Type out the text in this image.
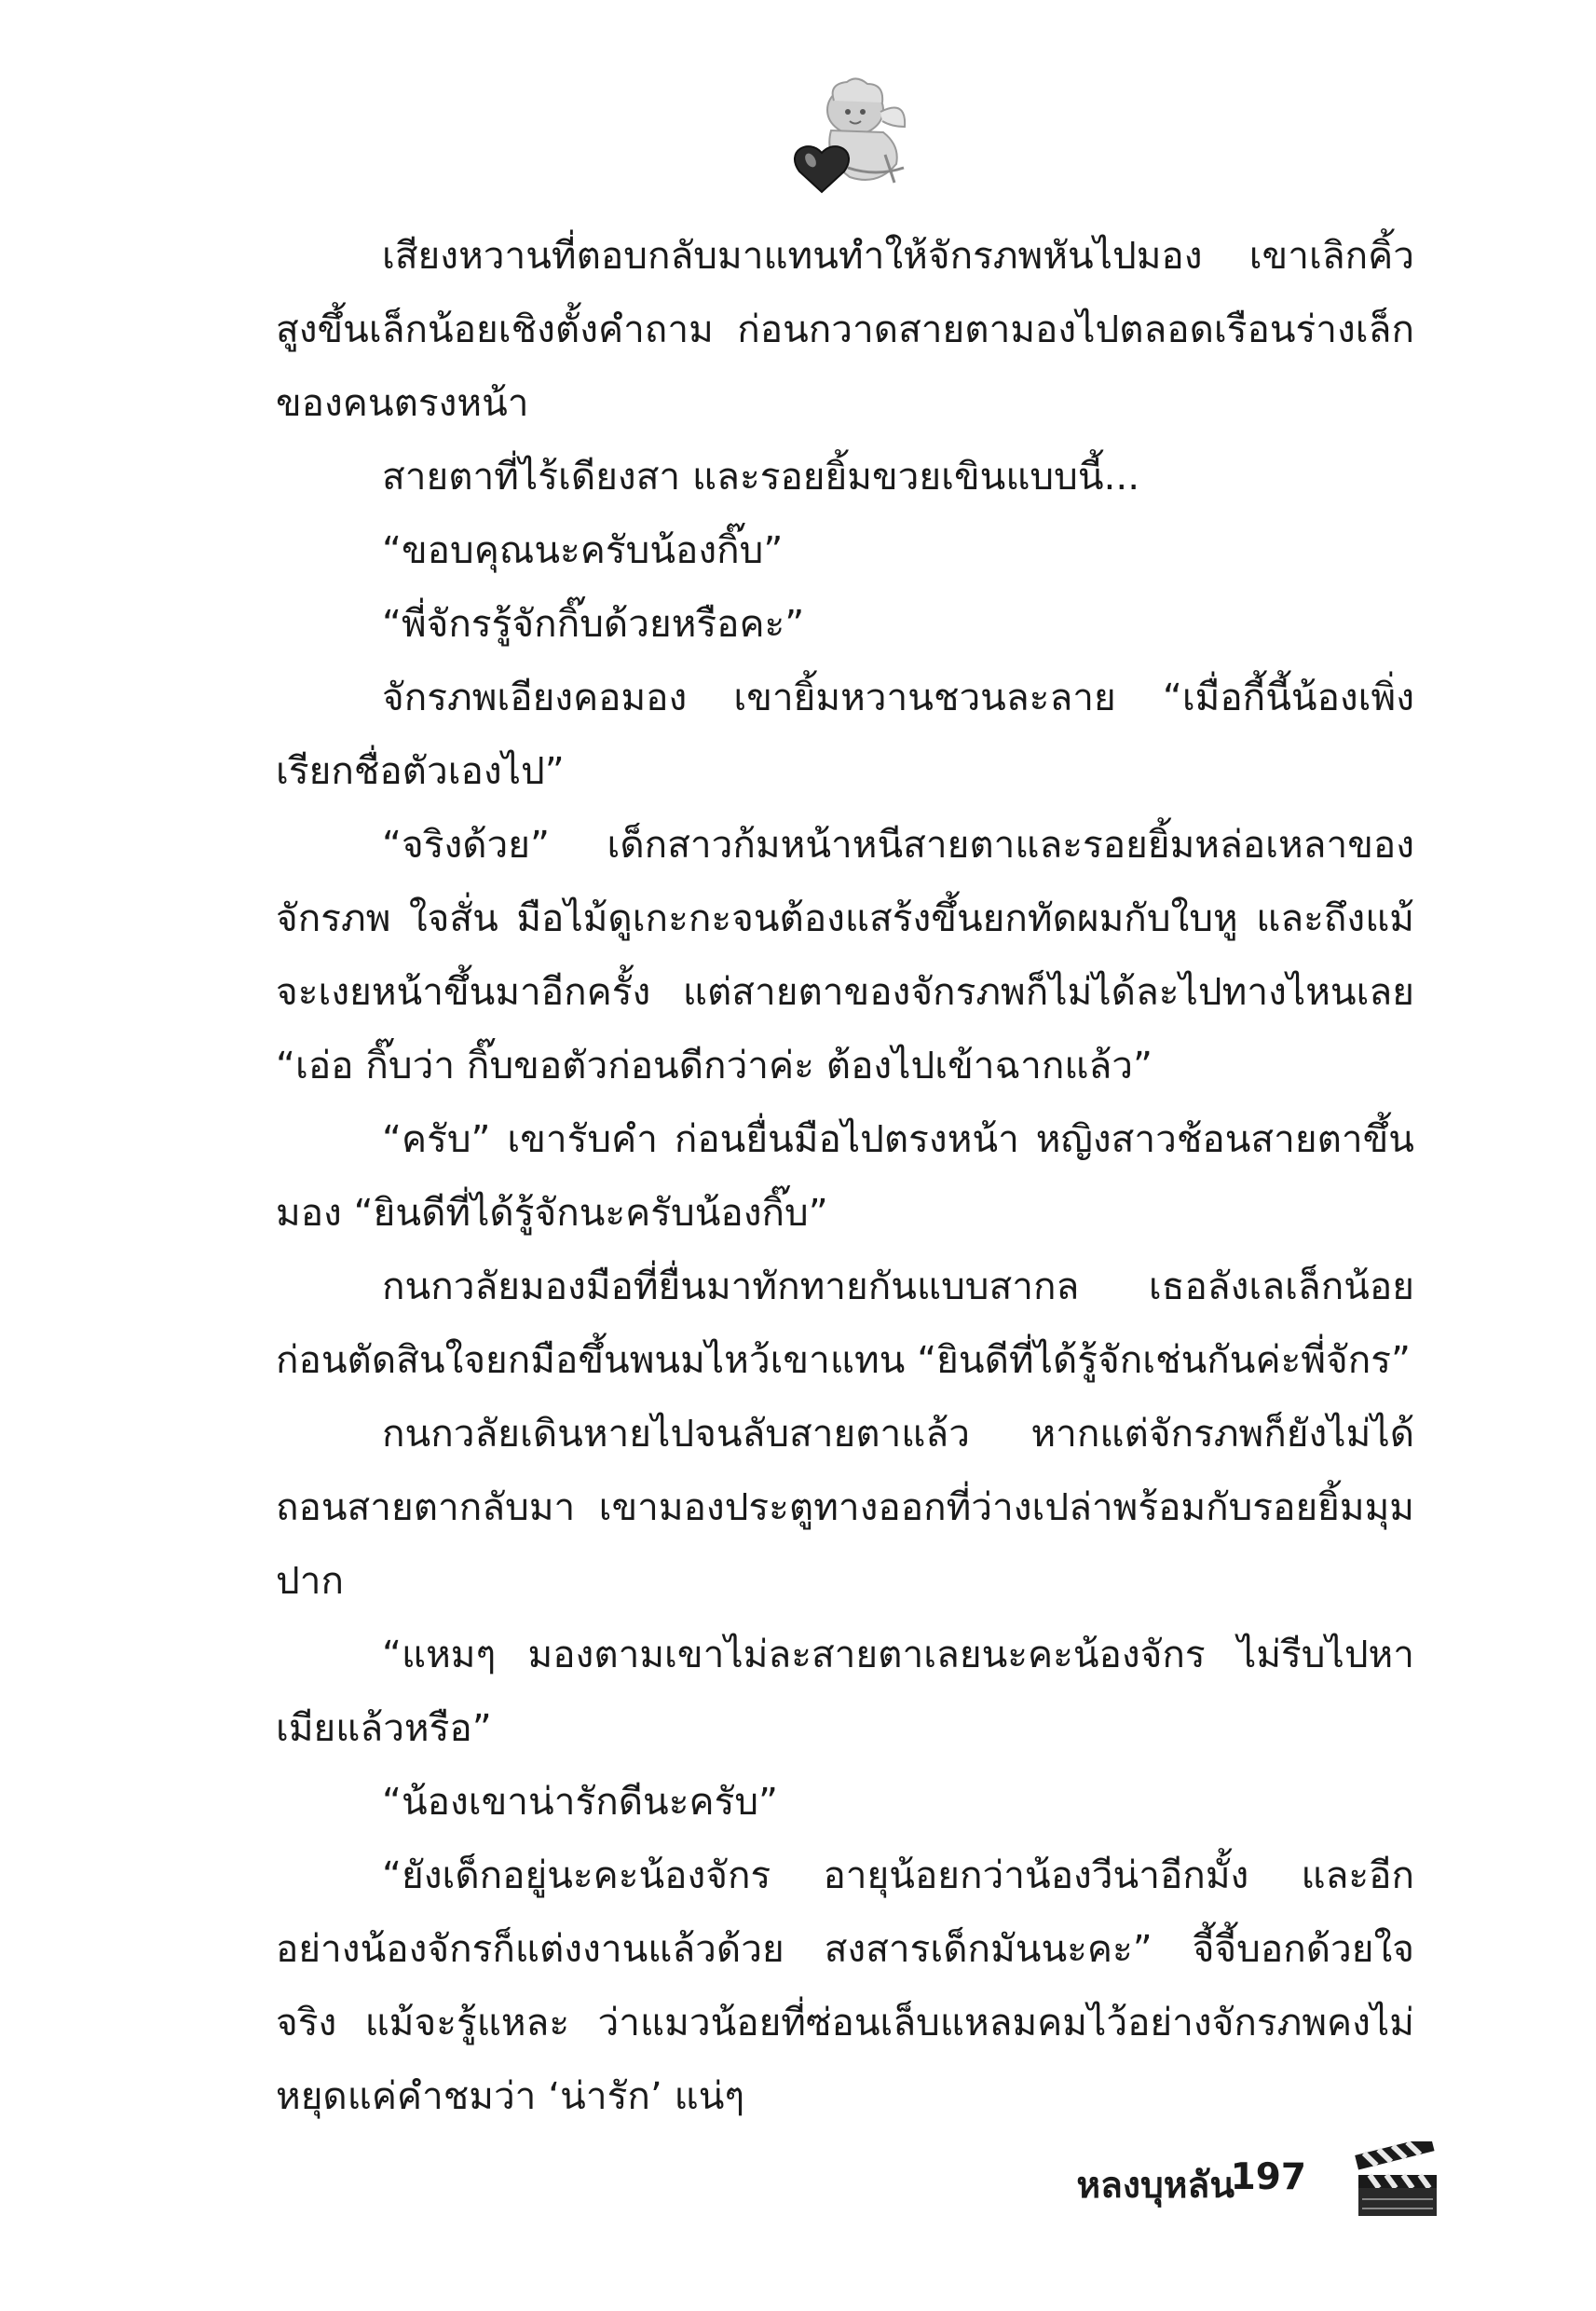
เสียงหวานที่ตอบกลับมาแทนทำให้จักรภพหันไปมอง เขาเลิกคิ้วสูงขึ้นเล็กน้อยเชิงตั้งคำถาม ก่อนกวาดสายตามองไปตลอดเรือนร่างเล็กของคนตรงหน้า

สายตาที่ไร้เดียงสา และรอยยิ้มขวยเขินแบบนี้...

“ขอบคุณนะครับน้องกิ๊บ”

“พี่จักรรู้จักกิ๊บด้วยหรือคะ”

จักรภพเอียงคอมอง เขายิ้มหวานชวนละลาย “เมื่อกี้นี้น้องเพิ่งเรียกชื่อตัวเองไป”

“จริงด้วย” เด็กสาวก้มหน้าหนีสายตาและรอยยิ้มหล่อเหลาของจักรภพ ใจสั่น มือไม้ดูเกะกะจนต้องแสร้งขึ้นยกทัดผมกับใบหู และถึงแม้จะเงยหน้าขึ้นมาอีกครั้ง แต่สายตาของจักรภพก็ไม่ได้ละไปทางไหนเลย “เอ่อ กิ๊บว่า กิ๊บขอตัวก่อนดีกว่าค่ะ ต้องไปเข้าฉากแล้ว”

“ครับ” เขารับคำ ก่อนยื่นมือไปตรงหน้า หญิงสาวช้อนสายตาขึ้นมอง “ยินดีที่ได้รู้จักนะครับน้องกิ๊บ”

กนกวลัยมองมือที่ยื่นมาทักทายกันแบบสากล เธอลังเลเล็กน้อยก่อนตัดสินใจยกมือขึ้นพนมไหว้เขาแทน “ยินดีที่ได้รู้จักเช่นกันค่ะพี่จักร”

กนกวลัยเดินหายไปจนลับสายตาแล้ว หากแต่จักรภพก็ยังไม่ได้ถอนสายตากลับมา เขามองประตูทางออกที่ว่างเปล่าพร้อมกับรอยยิ้มมุมปาก

“แหมๆ มองตามเขาไม่ละสายตาเลยนะคะน้องจักร ไม่รีบไปหาเมียแล้วหรือ”

“น้องเขาน่ารักดีนะครับ”

“ยังเด็กอยู่นะคะน้องจักร อายุน้อยกว่าน้องวีน่าอีกมั้ง และอีกอย่างน้องจักรก็แต่งงานแล้วด้วย สงสารเด็กมันนะคะ” จี้จี้บอกด้วยใจจริง แม้จะรู้แหละ ว่าแมวน้อยที่ซ่อนเล็บแหลมคมไว้อย่างจักรภพคงไม่หยุดแค่คำชมว่า ‘น่ารัก’ แน่ๆ

หลงบุหลัน
197
